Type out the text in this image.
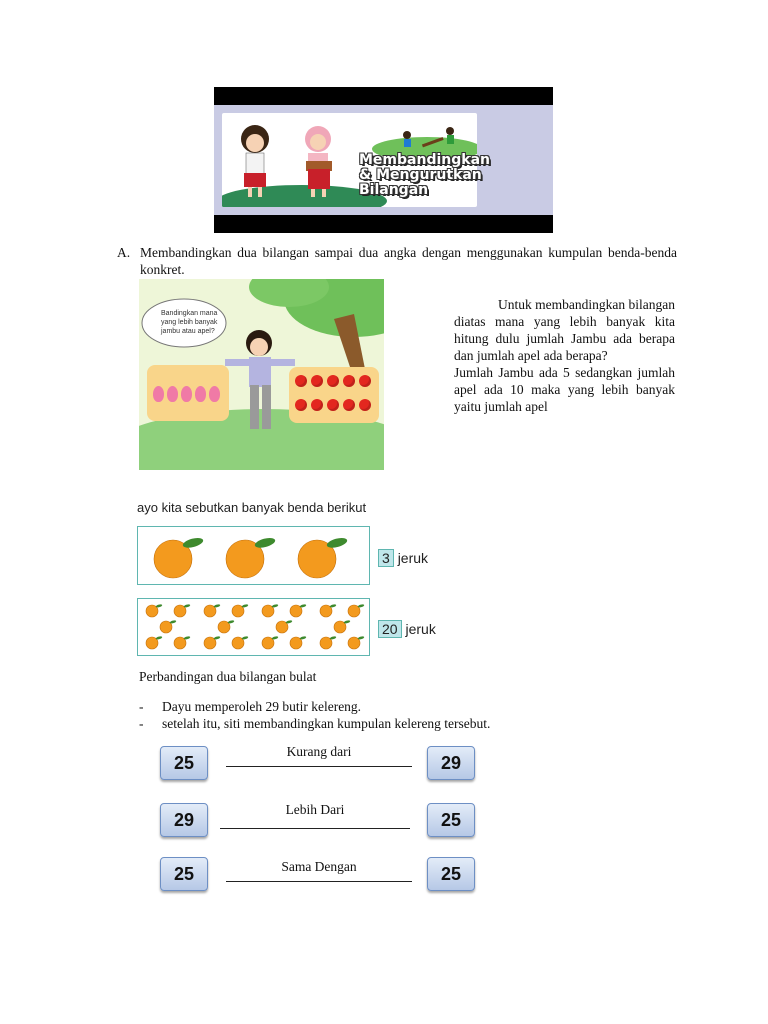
Membandingkan
& Mengurutkan
Bilangan
A. Membandingkan dua bilangan sampai dua angka dengan menggunakan kumpulan benda-benda konkret.
Bandingkan mana yang lebih banyak jambu atau apel?

Untuk membandingkan bilangan diatas mana yang lebih banyak kita hitung dulu jumlah Jambu ada berapa dan jumlah apel ada berapa?

Jumlah Jambu ada 5 sedangkan jumlah apel ada 10 maka yang lebih banyak yaitu jumlah apel

ayo kita sebutkan banyak benda berikut
3 jeruk
20 jeruk
Perbandingan dua bilangan bulat
- Dayu memperoleh 29 butir kelereng.
- setelah itu, siti membandingkan kumpulan kelereng tersebut.
25
Kurang dari
29
29
Lebih Dari
25
25	Sama Dengan	25
